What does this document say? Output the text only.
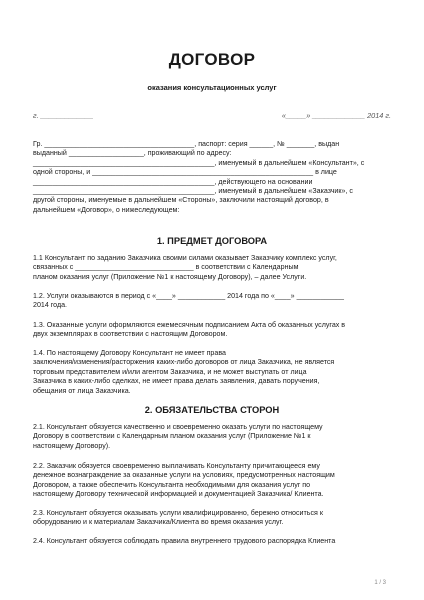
ДОГОВОР
оказания консультационных услуг
г. _____________	«_____» _____________ 2014 г.

Гр. ______________________________________, паспорт: серия ______, № _______, выдан

выданный ___________________, проживающий по адресу:

______________________________________________, именуемый в дальнейшем «Консультант», с

одной стороны, и ________________________________________________________ в лице

______________________________________________, действующего на основании

______________________________________________, именуемый в дальнейшем «Заказчик», с

другой стороны, именуемые в дальнейшем «Стороны», заключили настоящий договор, в

дальнейшем «Договор», о нижеследующем:

1. ПРЕДМЕТ ДОГОВОРА

1.1 Консультант по заданию Заказчика своими силами оказывает Заказчику комплекс услуг,

связанных с ______________________________ в соответствии с Календарным

планом оказания услуг (Приложение №1 к настоящему Договору), – далее Услуги.

1.2. Услуги оказываются в период с «____» ____________ 2014 года по «____» ____________

2014 года.

1.3. Оказанные услуги оформляются ежемесячным подписанием Акта об оказанных услугах в

двух экземплярах в соответствии с настоящим Договором.

1.4. По настоящему Договору Консультант не имеет права

заключения/изменения/расторжения каких-либо договоров от лица Заказчика, не является

торговым представителем и/или агентом Заказчика, и не может выступать от лица

Заказчика в каких-либо сделках, не имеет права делать заявления, давать поручения,

обещания от лица Заказчика.

2. ОБЯЗАТЕЛЬСТВА СТОРОН

2.1. Консультант обязуется качественно и своевременно оказать услуги по настоящему

Договору в соответствии с Календарным планом оказания услуг (Приложение №1 к

настоящему Договору).

2.2. Заказчик обязуется своевременно выплачивать Консультанту причитающееся ему

денежное вознаграждение за оказанные услуги на условиях, предусмотренных настоящим

Договором, а также обеспечить Консультанта необходимыми для оказания услуг по

настоящему Договору технической информацией и документацией Заказчика/ Клиента.

2.3. Консультант обязуется оказывать услуги квалифицированно, бережно относиться к

оборудованию и к материалам Заказчика/Клиента во время оказания услуг.

2.4. Консультант обязуется соблюдать правила внутреннего трудового распорядка Клиента

1 / 3
